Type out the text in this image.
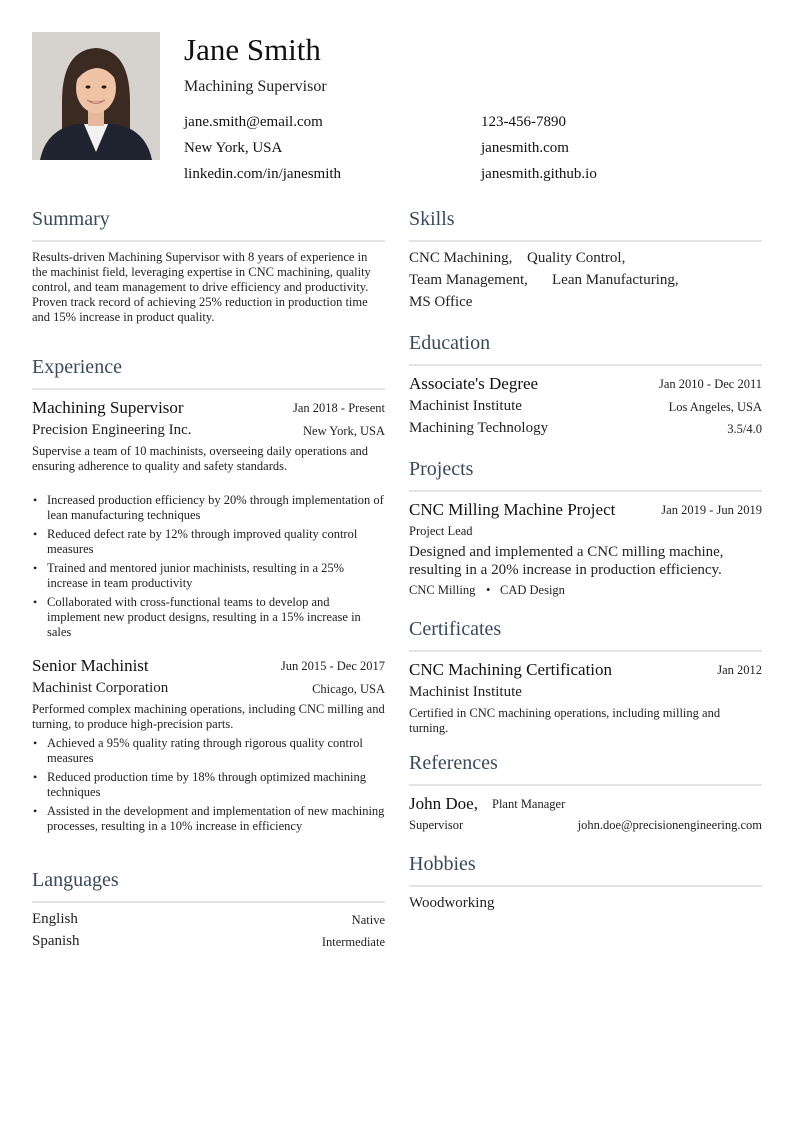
Jane Smith
Machining Supervisor
jane.smith@email.com	123-456-7890
New York, USA	janesmith.com
linkedin.com/in/janesmith	janesmith.github.io
Summary
Results-driven Machining Supervisor with 8 years of experience in the machinist field, leveraging expertise in CNC machining, quality control, and team management to drive efficiency and productivity. Proven track record of achieving 25% reduction in production time and 15% increase in product quality.
Experience
Machining Supervisor	Jan 2018 - Present
Precision Engineering Inc.	New York, USA
Supervise a team of 10 machinists, overseeing daily operations and ensuring adherence to quality and safety standards.
• Increased production efficiency by 20% through implementation of lean manufacturing techniques
• Reduced defect rate by 12% through improved quality control measures
• Trained and mentored junior machinists, resulting in a 25% increase in team productivity
• Collaborated with cross-functional teams to develop and implement new product designs, resulting in a 15% increase in sales
Senior Machinist	Jun 2015 - Dec 2017
Machinist Corporation	Chicago, USA
Performed complex machining operations, including CNC milling and turning, to produce high-precision parts.
• Achieved a 95% quality rating through rigorous quality control measures
• Reduced production time by 18% through optimized machining techniques
• Assisted in the development and implementation of new machining processes, resulting in a 10% increase in efficiency
Languages
English	Native
Spanish	Intermediate
Skills
CNC Machining, Quality Control,
Team Management, Lean Manufacturing,
MS Office
Education
Associate's Degree	Jan 2010 - Dec 2011
Machinist Institute	Los Angeles, USA
Machining Technology	3.5/4.0
Projects
CNC Milling Machine Project	Jan 2019 - Jun 2019
Project Lead
Designed and implemented a CNC milling machine, resulting in a 20% increase in production efficiency.
CNC Milling • CAD Design
Certificates
CNC Machining Certification	Jan 2012
Machinist Institute
Certified in CNC machining operations, including milling and turning.
References
John Doe, Plant Manager
Supervisor	john.doe@precisionengineering.com
Hobbies
Woodworking
